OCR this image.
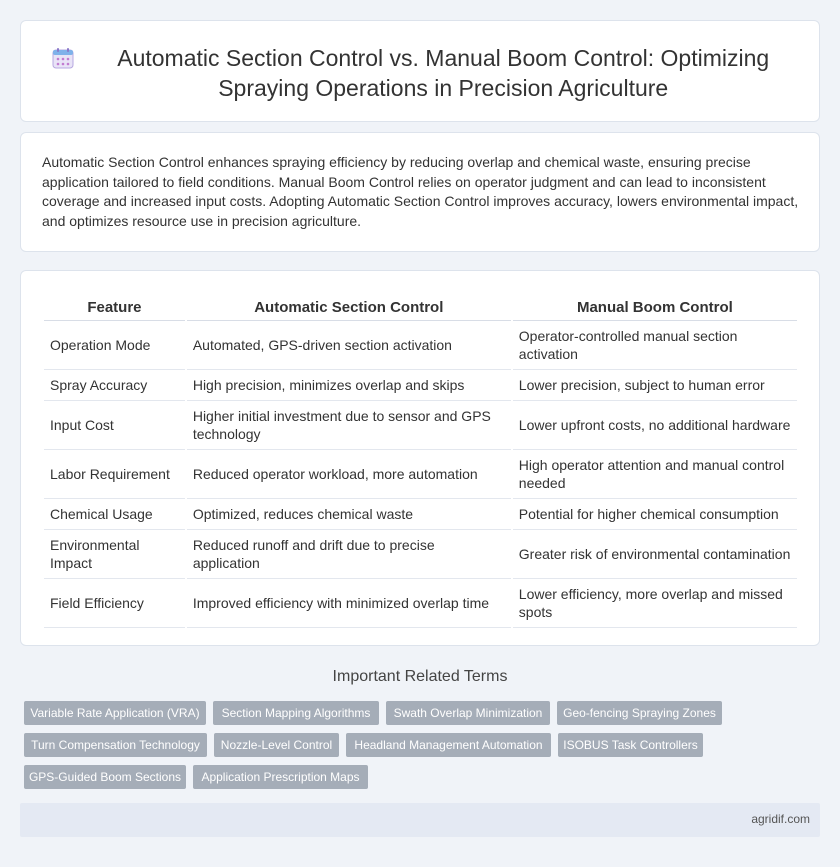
Automatic Section Control vs. Manual Boom Control: Optimizing Spraying Operations in Precision Agriculture

Automatic Section Control enhances spraying efficiency by reducing overlap and chemical waste, ensuring precise application tailored to field conditions. Manual Boom Control relies on operator judgment and can lead to inconsistent coverage and increased input costs. Adopting Automatic Section Control improves accuracy, lowers environmental impact, and optimizes resource use in precision agriculture.

Feature	Automatic Section Control	Manual Boom Control
Operation Mode	Automated, GPS-driven section activation	Operator-controlled manual section activation
Spray Accuracy	High precision, minimizes overlap and skips	Lower precision, subject to human error
Input Cost	Higher initial investment due to sensor and GPS technology	Lower upfront costs, no additional hardware
Labor Requirement	Reduced operator workload, more automation	High operator attention and manual control needed
Chemical Usage	Optimized, reduces chemical waste	Potential for higher chemical consumption
Environmental Impact	Reduced runoff and drift due to precise application	Greater risk of environmental contamination
Field Efficiency	Improved efficiency with minimized overlap time	Lower efficiency, more overlap and missed spots
Important Related Terms
Variable Rate Application (VRA)	Section Mapping Algorithms	Swath Overlap Minimization	Geo-fencing Spraying Zones
Turn Compensation Technology	Nozzle-Level Control	Headland Management Automation	ISOBUS Task Controllers
GPS-Guided Boom Sections	Application Prescription Maps
agridif.com
